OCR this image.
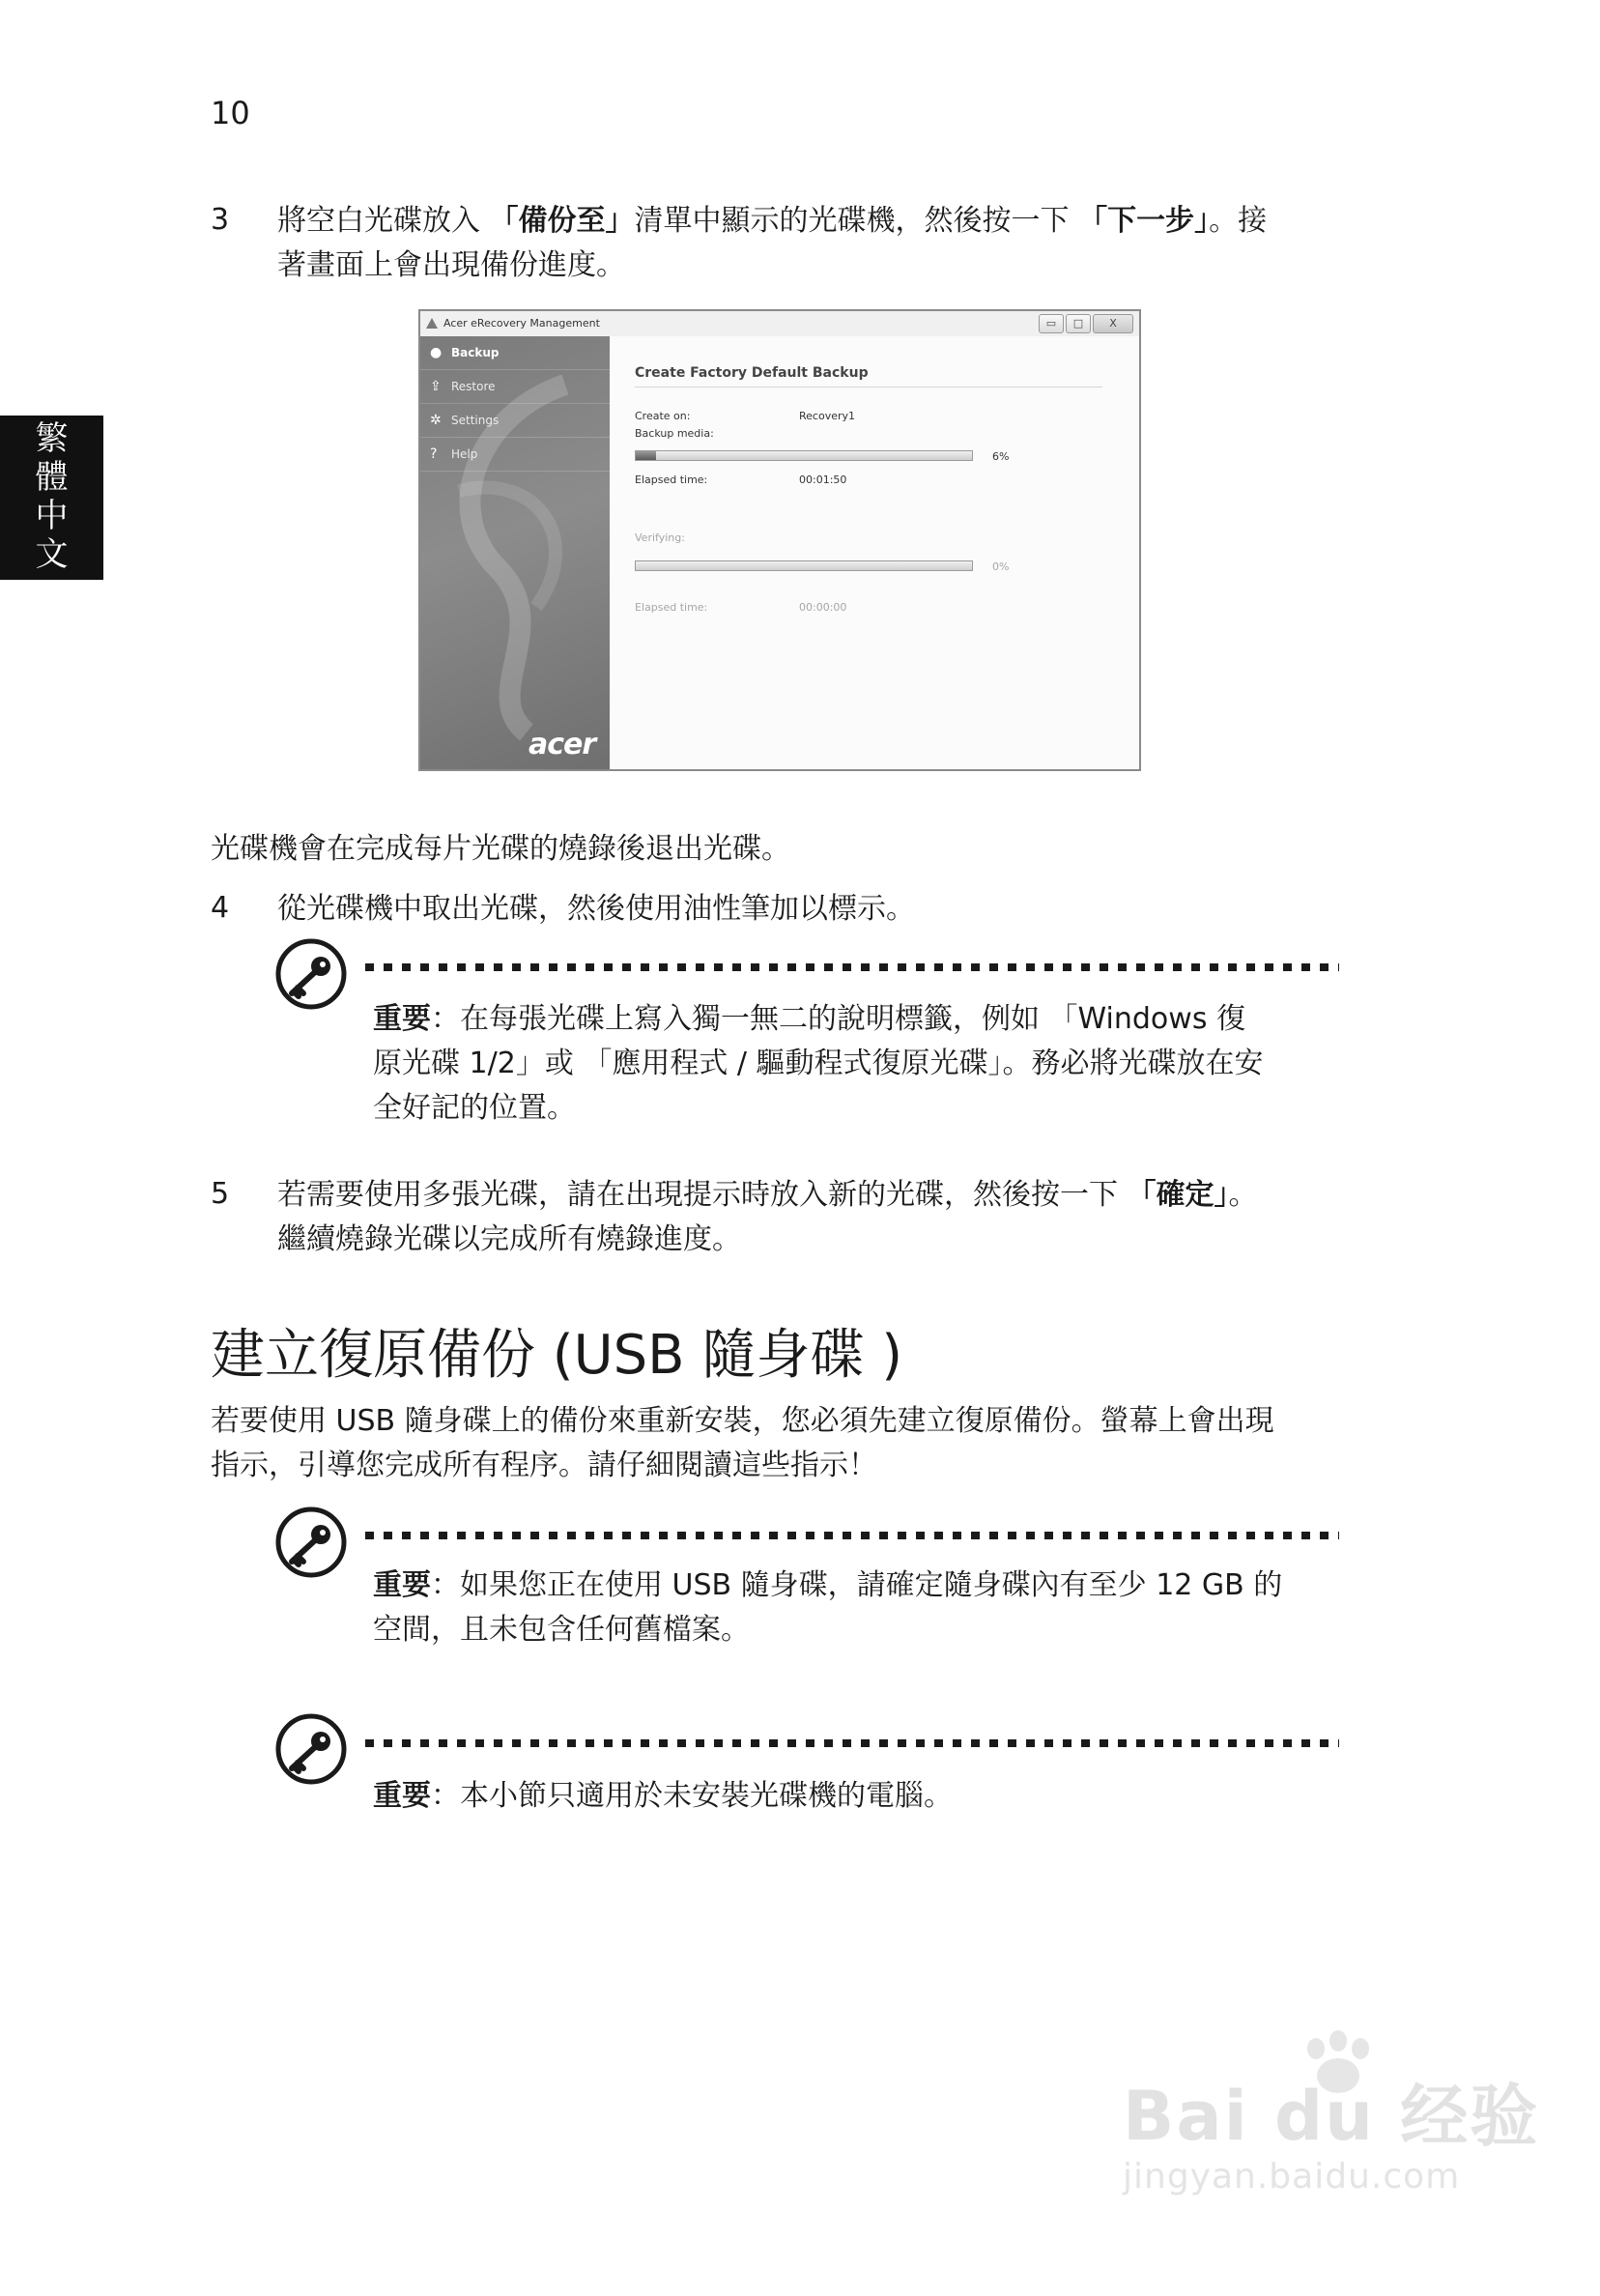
10
繁
體
中
文
3 將空白光碟放入 「備份至」清單中顯示的光碟機，然後按一下 「下一步」。接
著畫面上會出現備份進度。
Acer eRecovery Management	▭	□	X
● Backup
⇪ Restore
✲ Settings
? Help
acer
Create Factory Default Backup
Create on:	Recovery1
Backup media:
6%
Elapsed time:	00:01:50
Verifying:
0%
Elapsed time:	00:00:00
光碟機會在完成每片光碟的燒錄後退出光碟。
4 從光碟機中取出光碟，然後使用油性筆加以標示。
重要：在每張光碟上寫入獨一無二的說明標籤，例如 「Windows 復
原光碟 1/2」或 「應用程式 / 驅動程式復原光碟」。務必將光碟放在安
全好記的位置。
5 若需要使用多張光碟，請在出現提示時放入新的光碟，然後按一下 「確定」。
繼續燒錄光碟以完成所有燒錄進度。
建立復原備份 (USB 隨身碟 )
若要使用 USB 隨身碟上的備份來重新安裝，您必須先建立復原備份。螢幕上會出現
指示，引導您完成所有程序。請仔細閱讀這些指示！
重要：如果您正在使用 USB 隨身碟，請確定隨身碟內有至少 12 GB 的
空間，且未包含任何舊檔案。
重要：本小節只適用於未安裝光碟機的電腦。
Bai du 经验
jingyan.baidu.com
